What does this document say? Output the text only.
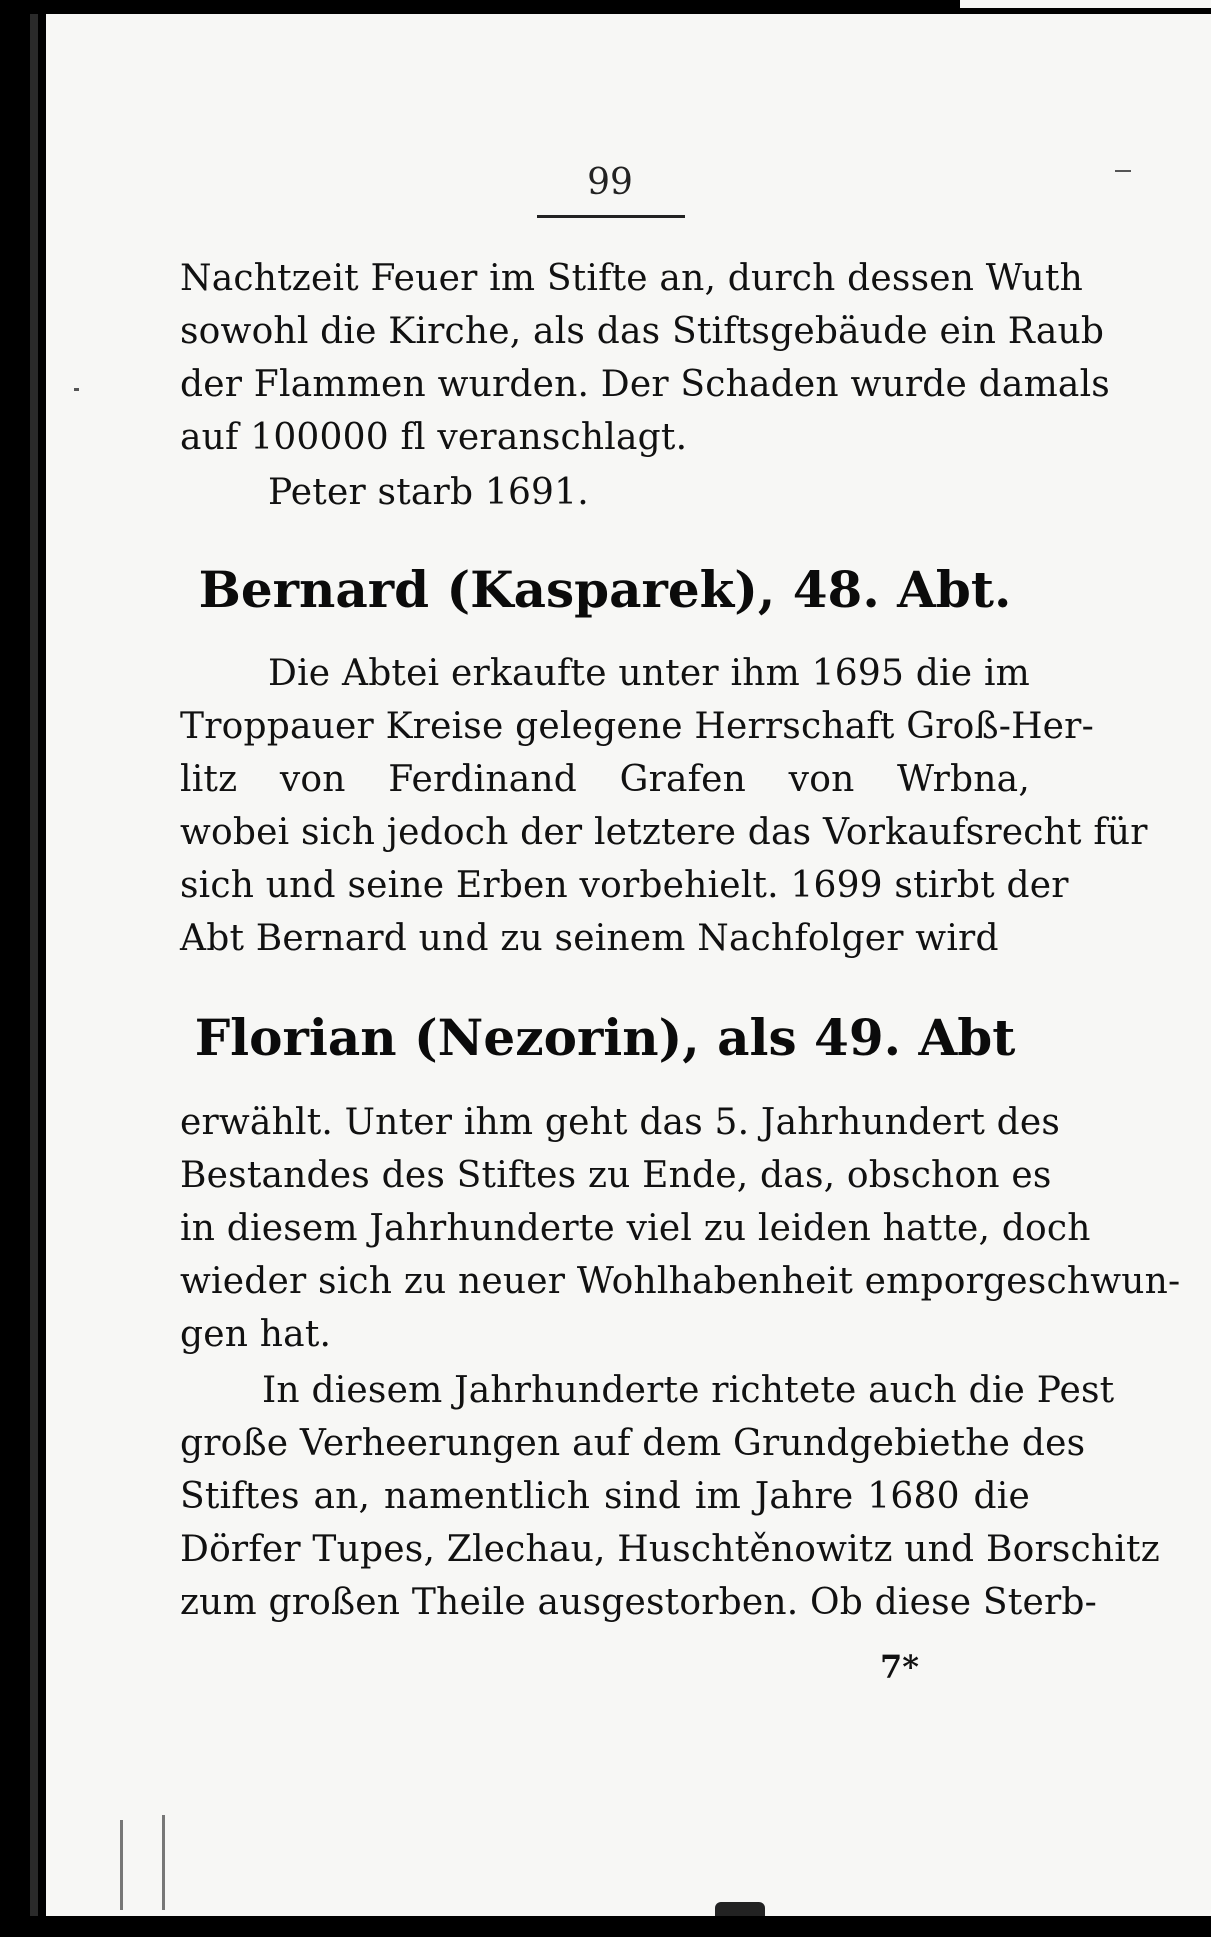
99
Nachtzeit Feuer im Stifte an, durch dessen Wuth
sowohl die Kirche, als das Stiftsgebäude ein Raub
der Flammen wurden. Der Schaden wurde damals
auf 100000 fl veranschlagt.
Peter starb 1691.
Bernard (Kasparek), 48. Abt.
Die Abtei erkaufte unter ihm 1695 die im
Troppauer Kreise gelegene Herrschaft Groß-Her-
litz von Ferdinand Grafen von Wrbna,
wobei sich jedoch der letztere das Vorkaufsrecht für
sich und seine Erben vorbehielt. 1699 stirbt der
Abt Bernard und zu seinem Nachfolger wird
Florian (Nezorin), als 49. Abt
erwählt. Unter ihm geht das 5. Jahrhundert des
Bestandes des Stiftes zu Ende, das, obschon es
in diesem Jahrhunderte viel zu leiden hatte, doch
wieder sich zu neuer Wohlhabenheit emporgeschwun-
gen hat.
In diesem Jahrhunderte richtete auch die Pest
große Verheerungen auf dem Grundgebiethe des
Stiftes an, namentlich sind im Jahre 1680 die
Dörfer Tupes, Zlechau, Huschtěnowitz und Borschitz
zum großen Theile ausgestorben. Ob diese Sterb-
7*
